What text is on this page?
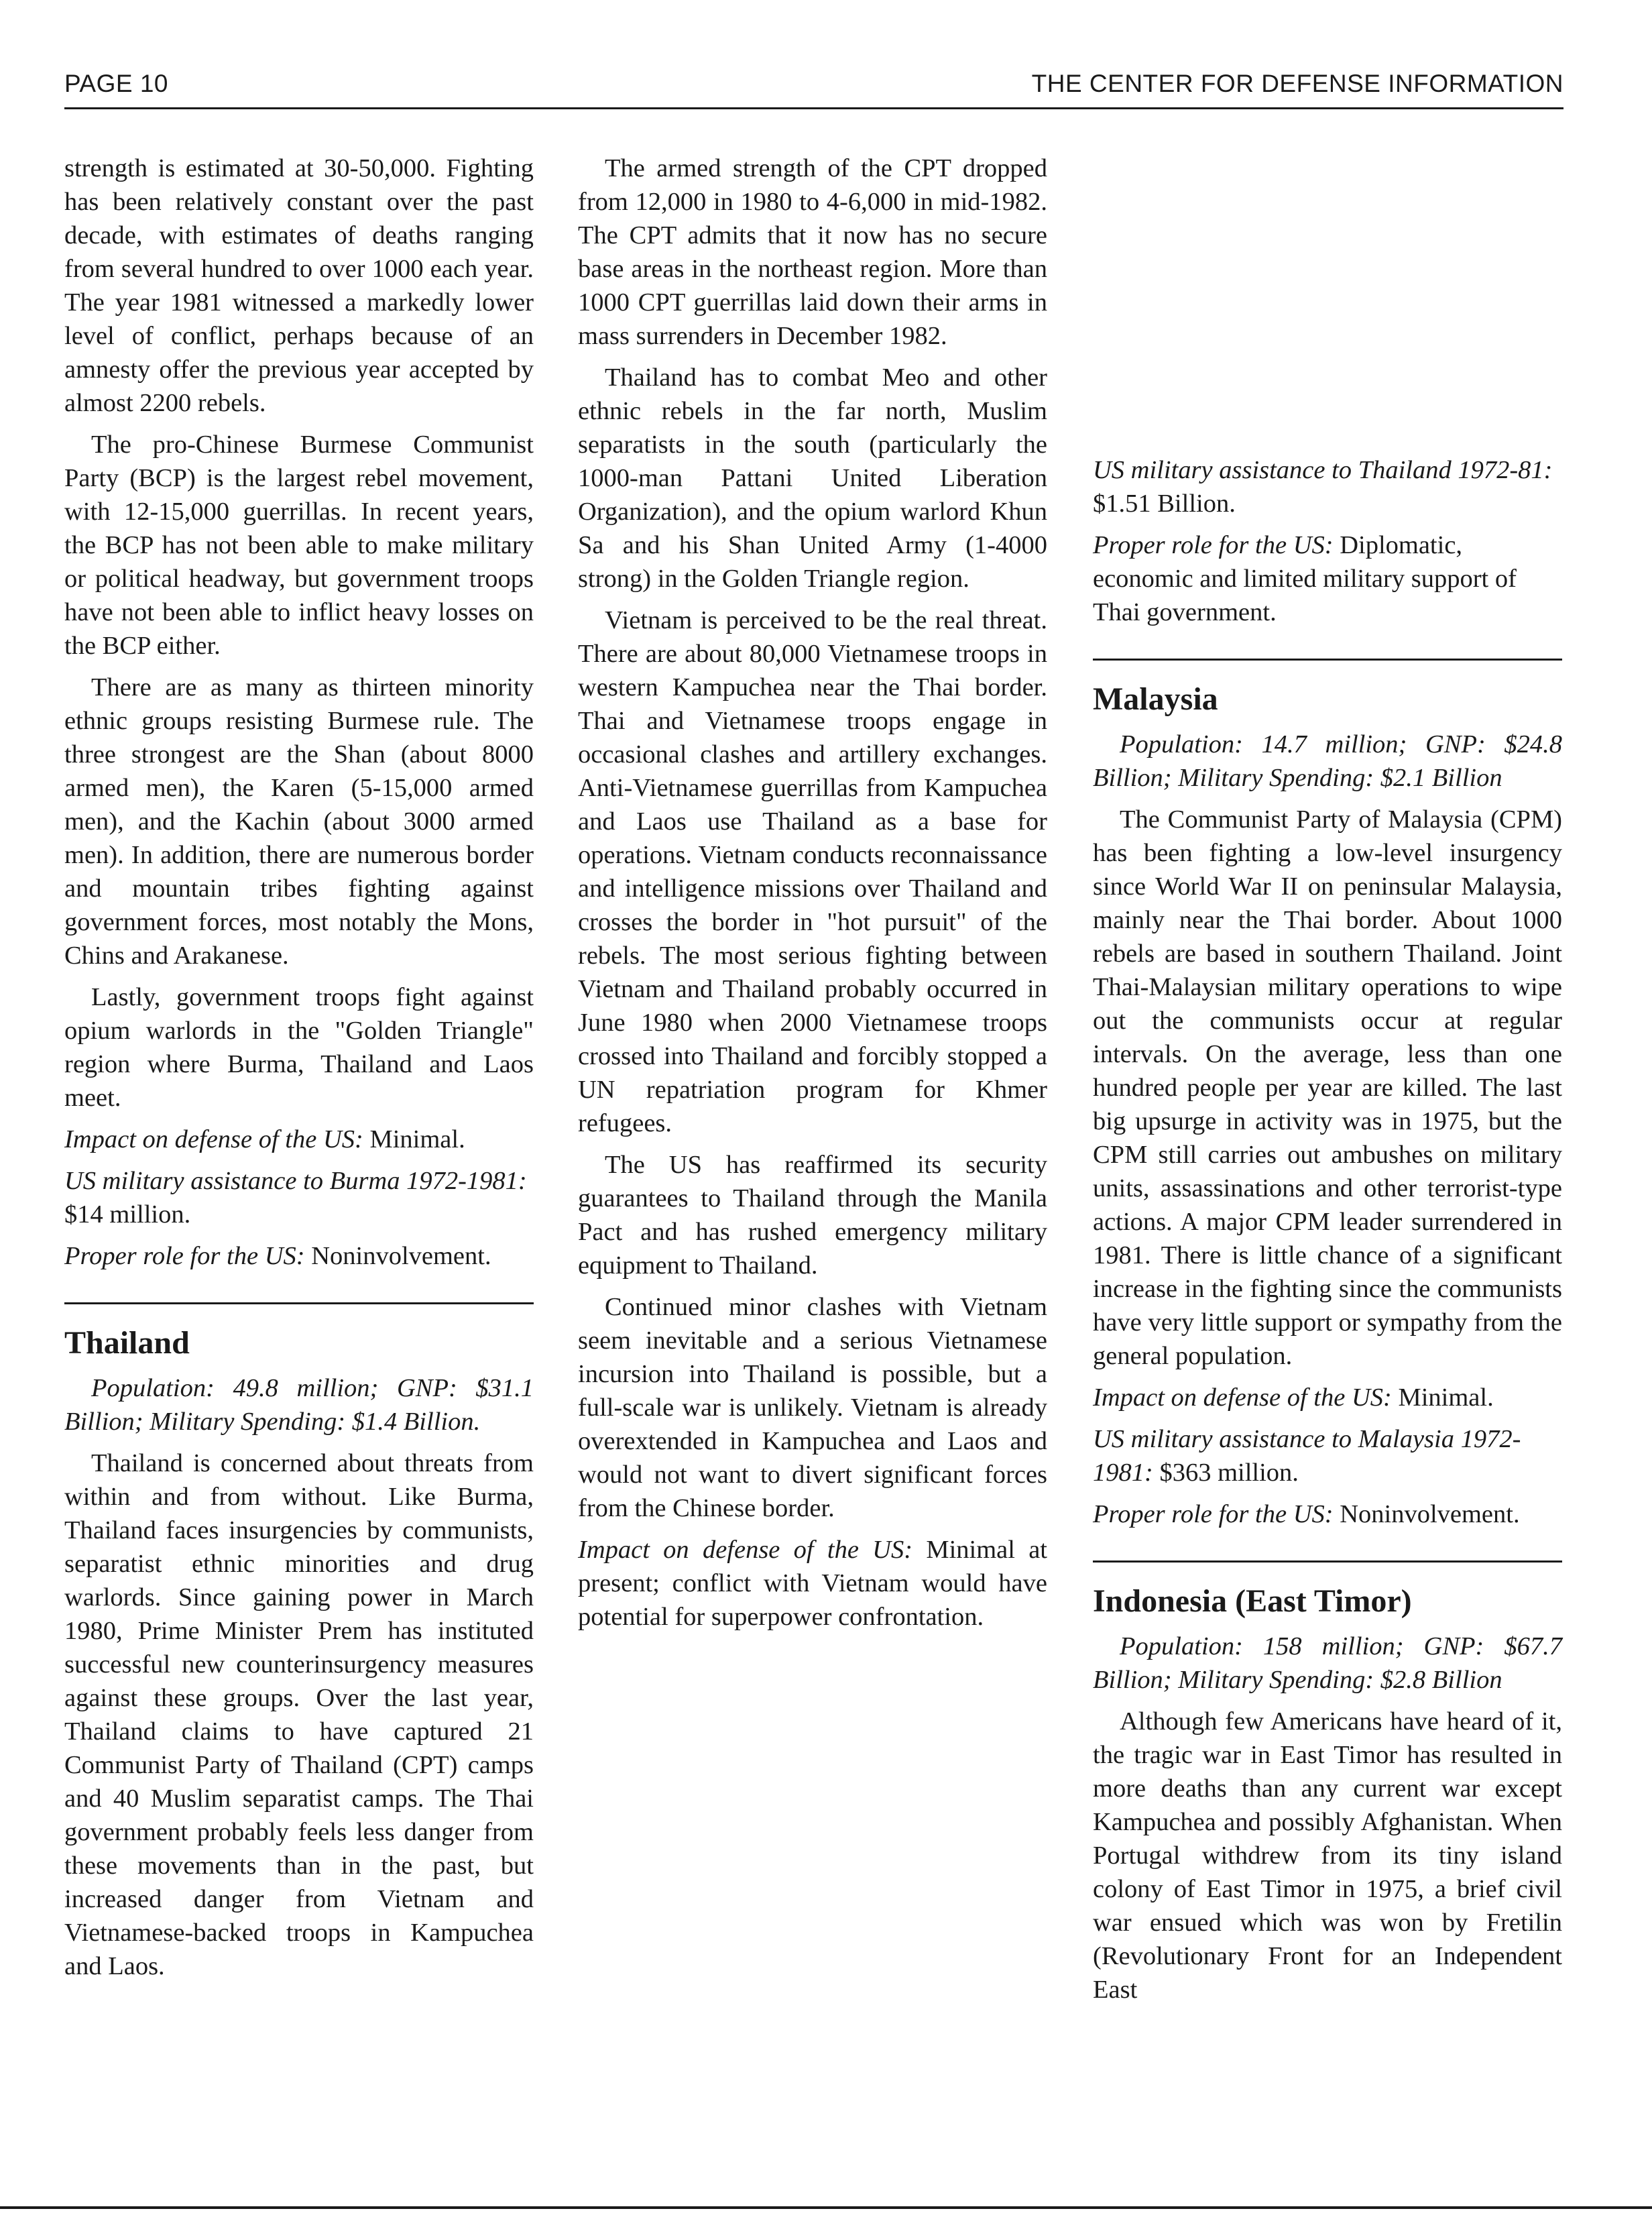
PAGE 10	THE CENTER FOR DEFENSE INFORMATION

strength is estimated at 30-50,000. Fighting has been relatively constant over the past decade, with estimates of deaths ranging from several hundred to over 1000 each year. The year 1981 witnessed a markedly lower level of conflict, perhaps because of an amnesty offer the previous year accepted by almost 2200 rebels.

The pro-Chinese Burmese Communist Party (BCP) is the largest rebel movement, with 12-15,000 guerrillas. In recent years, the BCP has not been able to make military or political headway, but government troops have not been able to inflict heavy losses on the BCP either.

There are as many as thirteen minority ethnic groups resisting Burmese rule. The three strongest are the Shan (about 8000 armed men), the Karen (5-15,000 armed men), and the Kachin (about 3000 armed men). In addition, there are numerous border and mountain tribes fighting against government forces, most notably the Mons, Chins and Arakanese.

Lastly, government troops fight against opium warlords in the "Golden Triangle" region where Burma, Thailand and Laos meet.

Impact on defense of the US: Minimal.

US military assistance to Burma 1972-1981: $14 million.

Proper role for the US: Noninvolvement.

Thailand

Population: 49.8 million; GNP: $31.1 Billion; Military Spending: $1.4 Billion.

Thailand is concerned about threats from within and from without. Like Burma, Thailand faces insurgencies by communists, separatist ethnic minorities and drug warlords. Since gaining power in March 1980, Prime Minister Prem has instituted successful new counterinsurgency measures against these groups. Over the last year, Thailand claims to have captured 21 Communist Party of Thailand (CPT) camps and 40 Muslim separatist camps. The Thai government probably feels less danger from these movements than in the past, but increased danger from Vietnam and Vietnamese-backed troops in Kampuchea and Laos.

The armed strength of the CPT dropped from 12,000 in 1980 to 4-6,000 in mid-1982. The CPT admits that it now has no secure base areas in the northeast region. More than 1000 CPT guerrillas laid down their arms in mass surrenders in December 1982.

Thailand has to combat Meo and other ethnic rebels in the far north, Muslim separatists in the south (particularly the 1000-man Pattani United Liberation Organization), and the opium warlord Khun Sa and his Shan United Army (1-4000 strong) in the Golden Triangle region.

Vietnam is perceived to be the real threat. There are about 80,000 Vietnamese troops in western Kampuchea near the Thai border. Thai and Vietnamese troops engage in occasional clashes and artillery exchanges. Anti-Vietnamese guerrillas from Kampuchea and Laos use Thailand as a base for operations. Vietnam conducts reconnaissance and intelligence missions over Thailand and crosses the border in "hot pursuit" of the rebels. The most serious fighting between Vietnam and Thailand probably occurred in June 1980 when 2000 Vietnamese troops crossed into Thailand and forcibly stopped a UN repatriation program for Khmer refugees.

The US has reaffirmed its security guarantees to Thailand through the Manila Pact and has rushed emergency military equipment to Thailand.

Continued minor clashes with Vietnam seem inevitable and a serious Vietnamese incursion into Thailand is possible, but a full-scale war is unlikely. Vietnam is already overextended in Kampuchea and Laos and would not want to divert significant forces from the Chinese border.

Impact on defense of the US: Minimal at present; conflict with Vietnam would have potential for superpower confrontation.

US military assistance to Thailand 1972-81: $1.51 Billion.

Proper role for the US: Diplomatic, economic and limited military support of Thai government.

Malaysia

Population: 14.7 million; GNP: $24.8 Billion; Military Spending: $2.1 Billion

The Communist Party of Malaysia (CPM) has been fighting a low-level insurgency since World War II on peninsular Malaysia, mainly near the Thai border. About 1000 rebels are based in southern Thailand. Joint Thai-Malaysian military operations to wipe out the communists occur at regular intervals. On the average, less than one hundred people per year are killed. The last big upsurge in activity was in 1975, but the CPM still carries out ambushes on military units, assassinations and other terrorist-type actions. A major CPM leader surrendered in 1981. There is little chance of a significant increase in the fighting since the communists have very little support or sympathy from the general population.

Impact on defense of the US: Minimal.

US military assistance to Malaysia 1972-1981: $363 million.

Proper role for the US: Noninvolvement.

Indonesia (East Timor)

Population: 158 million; GNP: $67.7 Billion; Military Spending: $2.8 Billion

Although few Americans have heard of it, the tragic war in East Timor has resulted in more deaths than any current war except Kampuchea and possibly Afghanistan. When Portugal withdrew from its tiny island colony of East Timor in 1975, a brief civil war ensued which was won by Fretilin (Revolutionary Front for an Independent East
